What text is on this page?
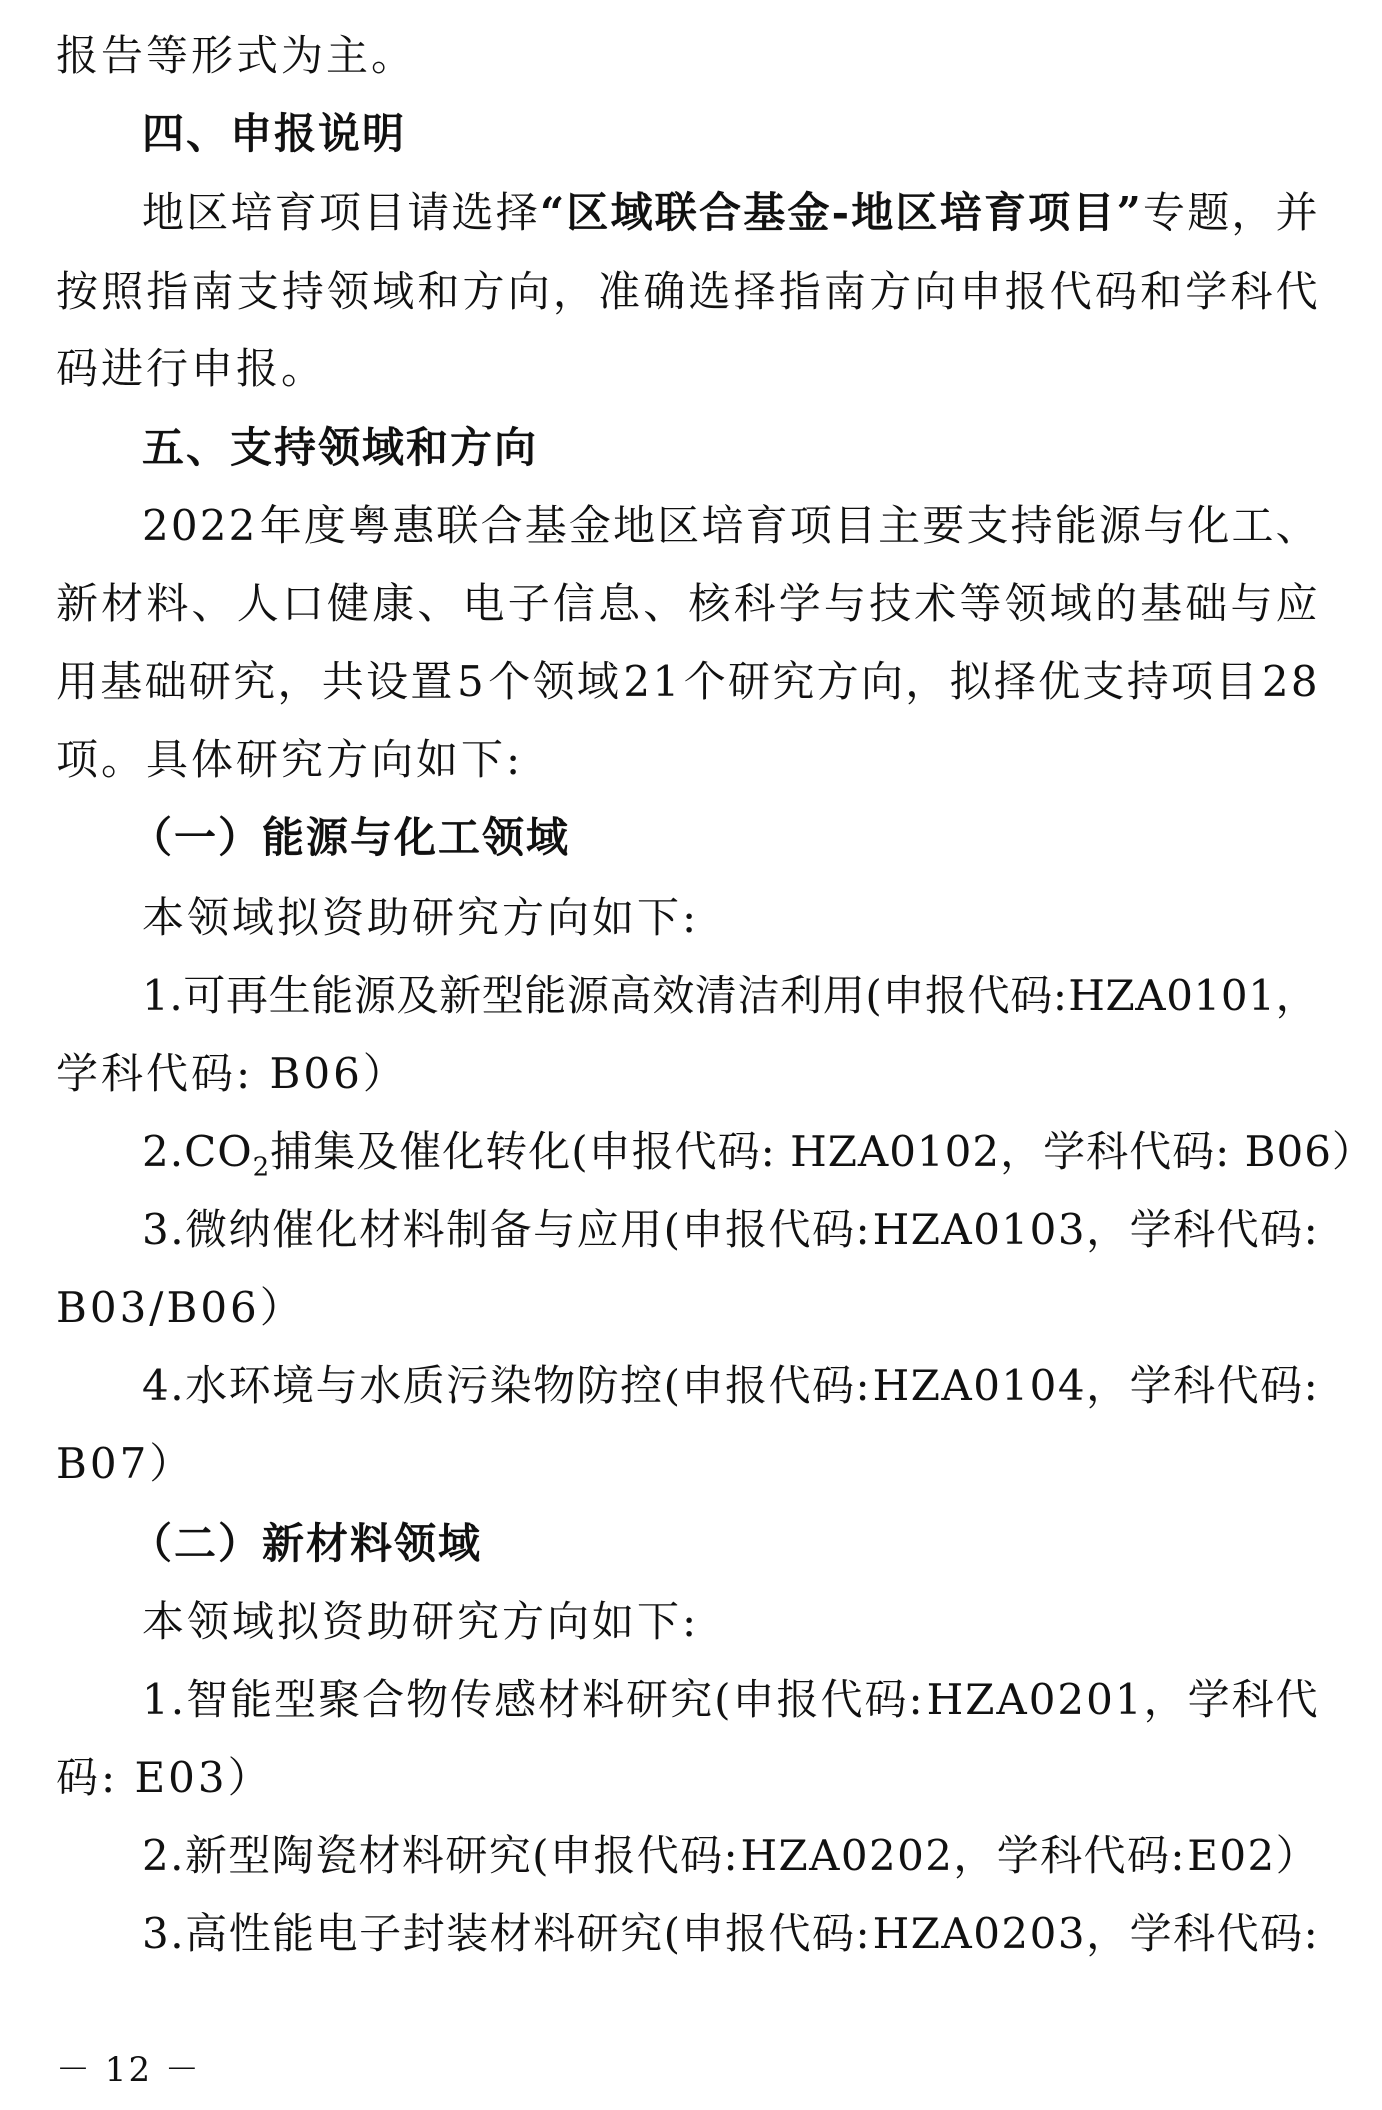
报告等形式为主。
四、申报说明
地 区 培 育 项 目 请 选 择 “ 区 域 联 合 基 金 - 地 区 培 育 项 目 ” 专 题 ， 并
按 照 指 南 支 持 领 域 和 方 向 ， 准 确 选 择 指 南 方 向 申 报 代 码 和 学 科 代
码进行申报。
五、支持领域和方向
2 0 2 2 年 度 粤 惠 联 合 基 金 地 区 培 育 项 目 主 要 支 持 能 源 与 化 工 、
新 材 料 、 人 口 健 康 、 电 子 信 息 、 核 科 学 与 技 术 等 领 域 的 基 础 与 应
用 基 础 研 究 ， 共 设 置 5 个 领 域 2 1 个 研 究 方 向 ， 拟 择 优 支 持 项 目 2 8
项。具体研究方向如下:
（一）能源与化工领域
本领域拟资助研究方向如下:
1 . 可 再 生 能 源 及 新 型 能 源 高 效 清 洁 利 用 ( 申 报 代 码 : H Z A 0 1 0 1 ，
学科代码: B06）
$2.CO_2$捕集及催化转化(申报代码: HZA0102，学科代码: B06）
3 . 微 纳 催 化 材 料 制 备 与 应 用 ( 申 报 代 码 : H Z A 0 1 0 3 ， 学 科 代 码 :
B03/B06）
4 . 水 环 境 与 水 质 污 染 物 防 控 ( 申 报 代 码 : H Z A 0 1 0 4 ， 学 科 代 码 :
B07）
（二）新材料领域
本领域拟资助研究方向如下:
1 . 智 能 型 聚 合 物 传 感 材 料 研 究 ( 申 报 代 码 : H Z A 0 2 0 1 ， 学 科 代
码: E03）
2 . 新 型 陶 瓷 材 料 研 究 ( 申 报 代 码 : H Z A 0 2 0 2 ， 学 科 代 码 : E 0 2 ）
3 . 高 性 能 电 子 封 装 材 料 研 究 ( 申 报 代 码 : H Z A 0 2 0 3 ， 学 科 代 码 :
－ 12 －
